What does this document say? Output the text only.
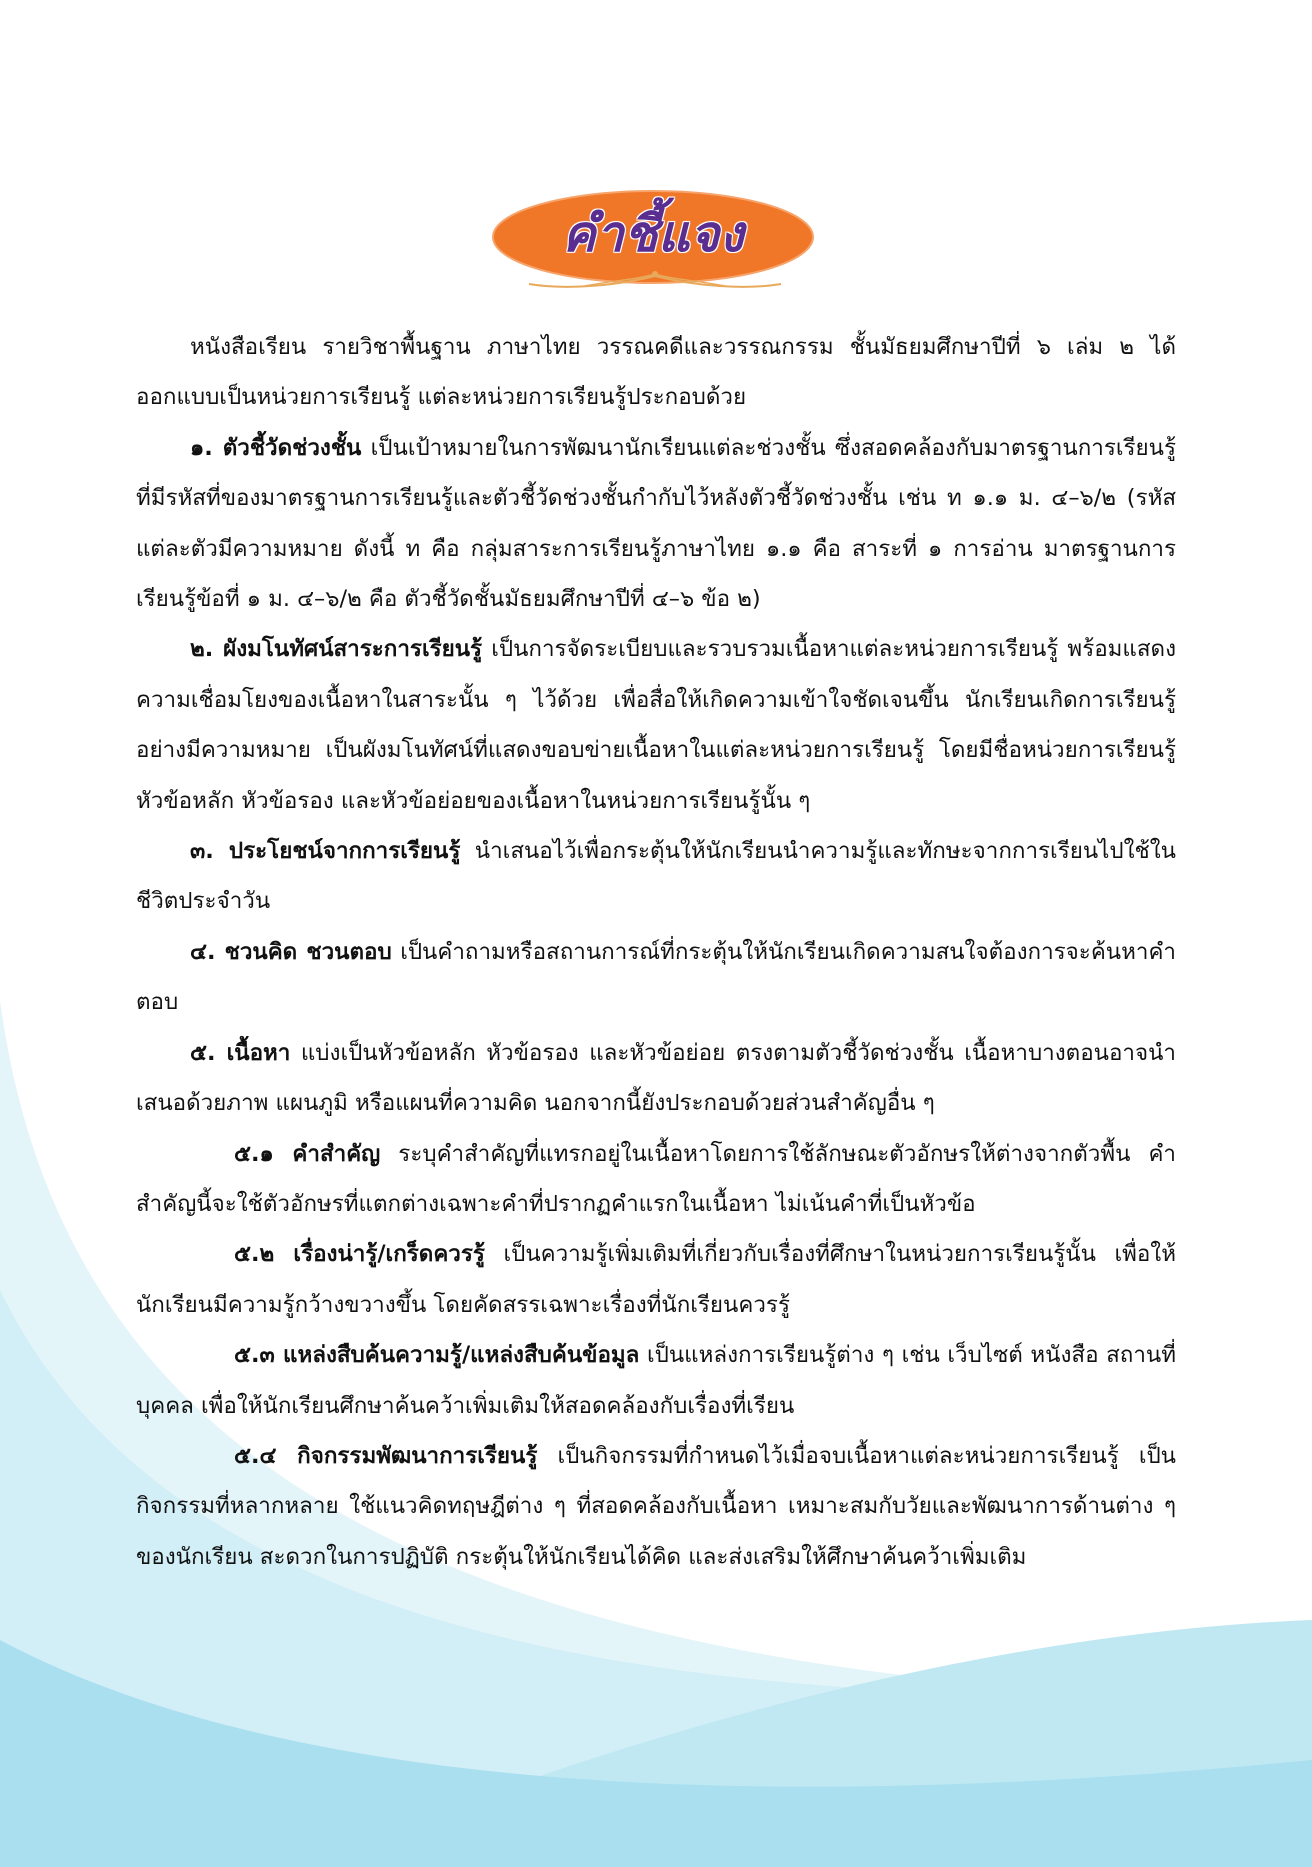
คำชี้แจง

หนังสือเรียน รายวิชาพื้นฐาน ภาษาไทย วรรณคดีและวรรณกรรม ชั้นมัธยมศึกษาปีที่ ๖ เล่ม ๒ ได้ออกแบบเป็นหน่วยการเรียนรู้ แต่ละหน่วยการเรียนรู้ประกอบด้วย

๑. ตัวชี้วัดช่วงชั้น เป็นเป้าหมายในการพัฒนานักเรียนแต่ละช่วงชั้น ซึ่งสอดคล้องกับมาตรฐานการเรียนรู้ที่มีรหัสที่ของมาตรฐานการเรียนรู้และตัวชี้วัดช่วงชั้นกำกับไว้หลังตัวชี้วัดช่วงชั้น เช่น ท ๑.๑ ม. ๔–๖/๒ (รหัสแต่ละตัวมีความหมาย ดังนี้ ท คือ กลุ่มสาระการเรียนรู้ภาษาไทย ๑.๑ คือ สาระที่ ๑ การอ่าน มาตรฐานการเรียนรู้ข้อที่ ๑ ม. ๔–๖/๒ คือ ตัวชี้วัดชั้นมัธยมศึกษาปีที่ ๔–๖ ข้อ ๒)

๒. ผังมโนทัศน์สาระการเรียนรู้ เป็นการจัดระเบียบและรวบรวมเนื้อหาแต่ละหน่วยการเรียนรู้ พร้อมแสดงความเชื่อมโยงของเนื้อหาในสาระนั้น ๆ ไว้ด้วย เพื่อสื่อให้เกิดความเข้าใจชัดเจนขึ้น นักเรียนเกิดการเรียนรู้อย่างมีความหมาย เป็นผังมโนทัศน์ที่แสดงขอบข่ายเนื้อหาในแต่ละหน่วยการเรียนรู้ โดยมีชื่อหน่วยการเรียนรู้ หัวข้อหลัก หัวข้อรอง และหัวข้อย่อยของเนื้อหาในหน่วยการเรียนรู้นั้น ๆ

๓. ประโยชน์จากการเรียนรู้ นำเสนอไว้เพื่อกระตุ้นให้นักเรียนนำความรู้และทักษะจากการเรียนไปใช้ในชีวิตประจำวัน

๔. ชวนคิด ชวนตอบ เป็นคำถามหรือสถานการณ์ที่กระตุ้นให้นักเรียนเกิดความสนใจต้องการจะค้นหาคำตอบ

๕. เนื้อหา แบ่งเป็นหัวข้อหลัก หัวข้อรอง และหัวข้อย่อย ตรงตามตัวชี้วัดช่วงชั้น เนื้อหาบางตอนอาจนำเสนอด้วยภาพ แผนภูมิ หรือแผนที่ความคิด นอกจากนี้ยังประกอบด้วยส่วนสำคัญอื่น ๆ

๕.๑ คำสำคัญ ระบุคำสำคัญที่แทรกอยู่ในเนื้อหาโดยการใช้ลักษณะตัวอักษรให้ต่างจากตัวพื้น คำสำคัญนี้จะใช้ตัวอักษรที่แตกต่างเฉพาะคำที่ปรากฏคำแรกในเนื้อหา ไม่เน้นคำที่เป็นหัวข้อ

๕.๒ เรื่องน่ารู้/เกร็ดควรรู้ เป็นความรู้เพิ่มเติมที่เกี่ยวกับเรื่องที่ศึกษาในหน่วยการเรียนรู้นั้น เพื่อให้นักเรียนมีความรู้กว้างขวางขึ้น โดยคัดสรรเฉพาะเรื่องที่นักเรียนควรรู้

๕.๓ แหล่งสืบค้นความรู้/แหล่งสืบค้นข้อมูล เป็นแหล่งการเรียนรู้ต่าง ๆ เช่น เว็บไซต์ หนังสือ สถานที่ บุคคล เพื่อให้นักเรียนศึกษาค้นคว้าเพิ่มเติมให้สอดคล้องกับเรื่องที่เรียน

๕.๔ กิจกรรมพัฒนาการเรียนรู้ เป็นกิจกรรมที่กำหนดไว้เมื่อจบเนื้อหาแต่ละหน่วยการเรียนรู้ เป็นกิจกรรมที่หลากหลาย ใช้แนวคิดทฤษฎีต่าง ๆ ที่สอดคล้องกับเนื้อหา เหมาะสมกับวัยและพัฒนาการด้านต่าง ๆ ของนักเรียน สะดวกในการปฏิบัติ กระตุ้นให้นักเรียนได้คิด และส่งเสริมให้ศึกษาค้นคว้าเพิ่มเติม
